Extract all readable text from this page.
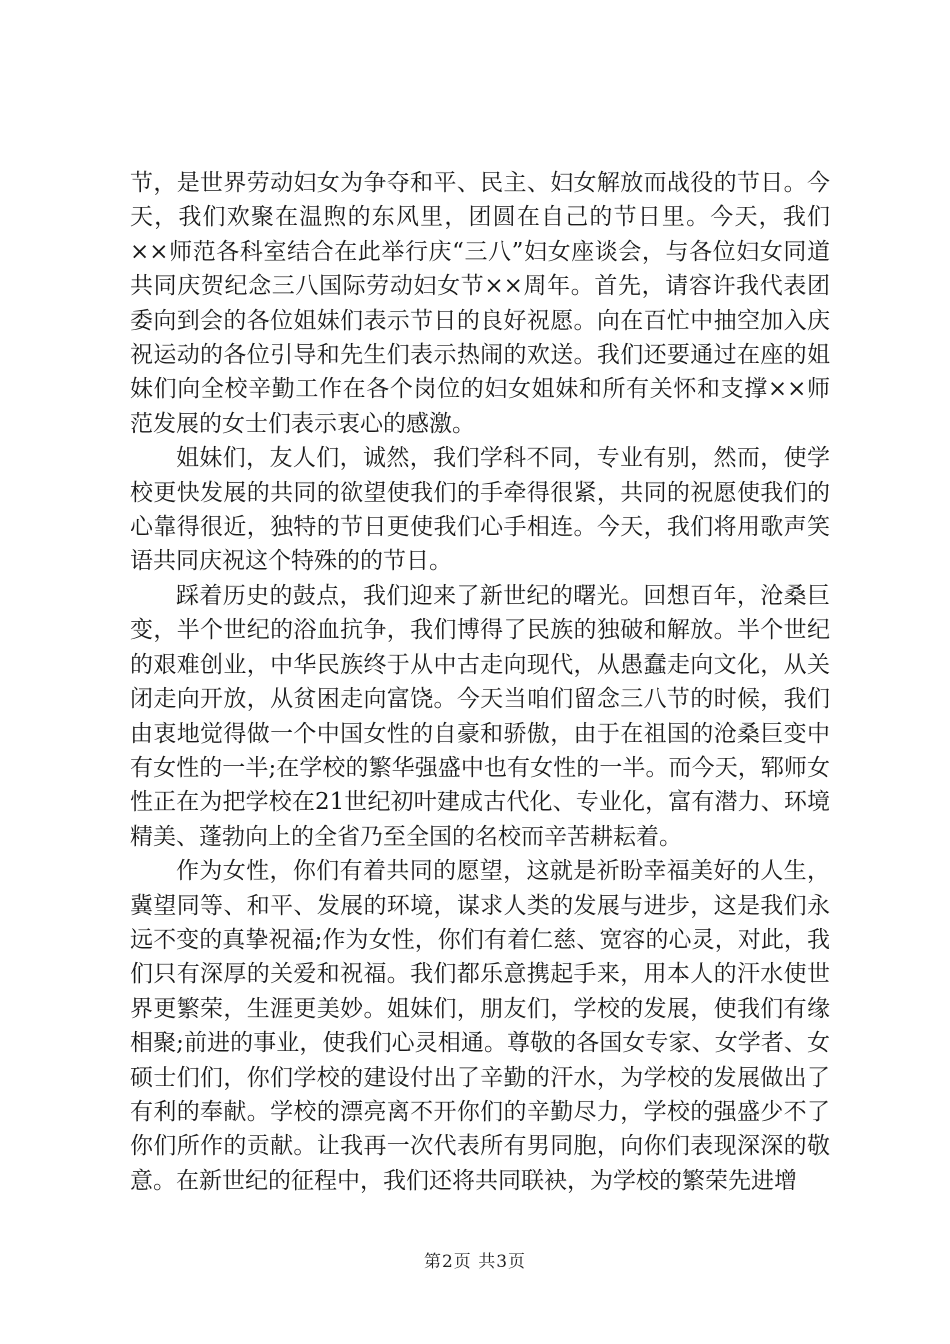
节，是世界劳动妇女为争夺和平、民主、妇女解放而战役的节日。今天，我们欢聚在温煦的东风里，团圆在自己的节日里。今天，我们××师范各科室结合在此举行庆“三八”妇女座谈会，与各位妇女同道共同庆贺纪念三八国际劳动妇女节××周年。首先，请容许我代表团委向到会的各位姐妹们表示节日的良好祝愿。向在百忙中抽空加入庆祝运动的各位引导和先生们表示热闹的欢送。我们还要通过在座的姐妹们向全校辛勤工作在各个岗位的妇女姐妹和所有关怀和支撑××师范发展的女士们表示衷心的感激。

姐妹们，友人们，诚然，我们学科不同，专业有别，然而，使学校更快发展的共同的欲望使我们的手牵得很紧，共同的祝愿使我们的心靠得很近，独特的节日更使我们心手相连。今天，我们将用歌声笑语共同庆祝这个特殊的的节日。

踩着历史的鼓点，我们迎来了新世纪的曙光。回想百年，沧桑巨变，半个世纪的浴血抗争，我们博得了民族的独破和解放。半个世纪的艰难创业，中华民族终于从中古走向现代，从愚蠢走向文化，从关闭走向开放，从贫困走向富饶。今天当咱们留念三八节的时候，我们由衷地觉得做一个中国女性的自豪和骄傲，由于在祖国的沧桑巨变中有女性的一半;在学校的繁华强盛中也有女性的一半。而今天，郓师女性正在为把学校在21世纪初叶建成古代化、专业化，富有潜力、环境精美、蓬勃向上的全省乃至全国的名校而辛苦耕耘着。

作为女性，你们有着共同的愿望，这就是祈盼幸福美好的人生，冀望同等、和平、发展的环境，谋求人类的发展与进步，这是我们永远不变的真挚祝福;作为女性，你们有着仁慈、宽容的心灵，对此，我们只有深厚的关爱和祝福。我们都乐意携起手来，用本人的汗水使世界更繁荣，生涯更美妙。姐妹们，朋友们，学校的发展，使我们有缘相聚;前进的事业，使我们心灵相通。尊敬的各国女专家、女学者、女硕士们们，你们学校的建设付出了辛勤的汗水，为学校的发展做出了有利的奉献。学校的漂亮离不开你们的辛勤尽力，学校的强盛少不了你们所作的贡献。让我再一次代表所有男同胞，向你们表现深深的敬意。在新世纪的征程中，我们还将共同联袂，为学校的繁荣先进增

第2页 共3页
